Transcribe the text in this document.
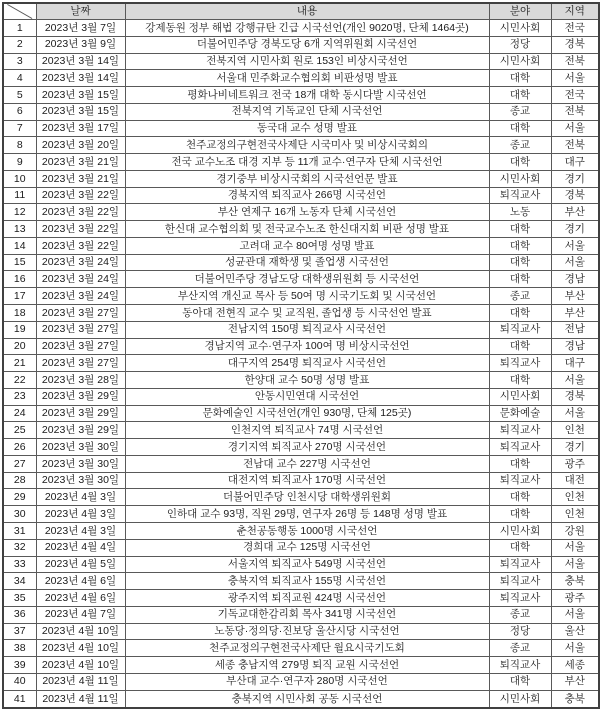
	날짜	내용	분야	지역
1	2023년 3월 7일	강제동원 정부 해법 강행규탄 긴급 시국선언(개인 9020명, 단체 1464곳)	시민사회	전국
2	2023년 3월 9일	더불어민주당 경북도당 6개 지역위원회 시국선언	정당	경북
3	2023년 3월 14일	전북지역 시민사회 원로 153인 비상시국선언	시민사회	전북
4	2023년 3월 14일	서울대 민주화교수협의회 비판성명 발표	대학	서울
5	2023년 3월 15일	평화나비네트워크 전국 18개 대학 동시다발 시국선언	대학	전국
6	2023년 3월 15일	전북지역 기독교인 단체 시국선언	종교	전북
7	2023년 3월 17일	동국대 교수 성명 발표	대학	서울
8	2023년 3월 20일	천주교정의구현전국사제단 시국미사 및 비상시국회의	종교	전북
9	2023년 3월 21일	전국 교수노조 대경 지부 등 11개 교수·연구자 단체 시국선언	대학	대구
10	2023년 3월 21일	경기중부 비상시국회의 시국선언문 발표	시민사회	경기
11	2023년 3월 22일	경북지역 퇴직교사 266명 시국선언	퇴직교사	경북
12	2023년 3월 22일	부산 연제구 16개 노동자 단체 시국선언	노동	부산
13	2023년 3월 22일	한신대 교수협의회 및 전국교수노조 한신대지회 비판 성명 발표	대학	경기
14	2023년 3월 22일	고려대 교수 80여명 성명 발표	대학	서울
15	2023년 3월 24일	성균관대 재학생 및 졸업생 시국선언	대학	서울
16	2023년 3월 24일	더불어민주당 경남도당 대학생위원회 등 시국선언	대학	경남
17	2023년 3월 24일	부산지역 개신교 목사 등 50여 명 시국기도회 및 시국선언	종교	부산
18	2023년 3월 27일	동아대 전현직 교수 및 교직원, 졸업생 등 시국선언 발표	대학	부산
19	2023년 3월 27일	전남지역 150명 퇴직교사 시국선언	퇴직교사	전남
20	2023년 3월 27일	경남지역 교수·연구자 100여 명 비상시국선언	대학	경남
21	2023년 3월 27일	대구지역 254명 퇴직교사 시국선언	퇴직교사	대구
22	2023년 3월 28일	한양대 교수 50명 성명 발표	대학	서울
23	2023년 3월 29일	안동시민연대 시국선언	시민사회	경북
24	2023년 3월 29일	문화예술인 시국선언(개인 930명, 단체 125곳)	문화예술	서울
25	2023년 3월 29일	인천지역 퇴직교사 74명 시국선언	퇴직교사	인천
26	2023년 3월 30일	경기지역 퇴직교사 270명 시국선언	퇴직교사	경기
27	2023년 3월 30일	전남대 교수 227명 시국선언	대학	광주
28	2023년 3월 30일	대전지역 퇴직교사 170명 시국선언	퇴직교사	대전
29	2023년 4월 3일	더불어민주당 인천시당 대학생위원회	대학	인천
30	2023년 4월 3일	인하대 교수 93명, 직원 29명, 연구자 26명 등 148명 성명 발표	대학	인천
31	2023년 4월 3일	춘천공동행동 1000명 시국선언	시민사회	강원
32	2023년 4월 4일	경희대 교수 125명 시국선언	대학	서울
33	2023년 4월 5일	서울지역 퇴직교사 549명 시국선언	퇴직교사	서울
34	2023년 4월 6일	충북지역 퇴직교사 155명 시국선언	퇴직교사	충북
35	2023년 4월 6일	광주지역 퇴직교원 424명 시국선언	퇴직교사	광주
36	2023년 4월 7일	기독교대한감리회 목사 341명 시국선언	종교	서울
37	2023년 4월 10일	노동당·정의당·진보당 울산시당 시국선언	정당	울산
38	2023년 4월 10일	천주교정의구현전국사제단 월요시국기도회	종교	서울
39	2023년 4월 10일	세종 충남지역 279명 퇴직 교원 시국선언	퇴직교사	세종
40	2023년 4월 11일	부산대 교수·연구자 280명 시국선언	대학	부산
41	2023년 4월 11일	충북지역 시민사회 공동 시국선언	시민사회	충북
